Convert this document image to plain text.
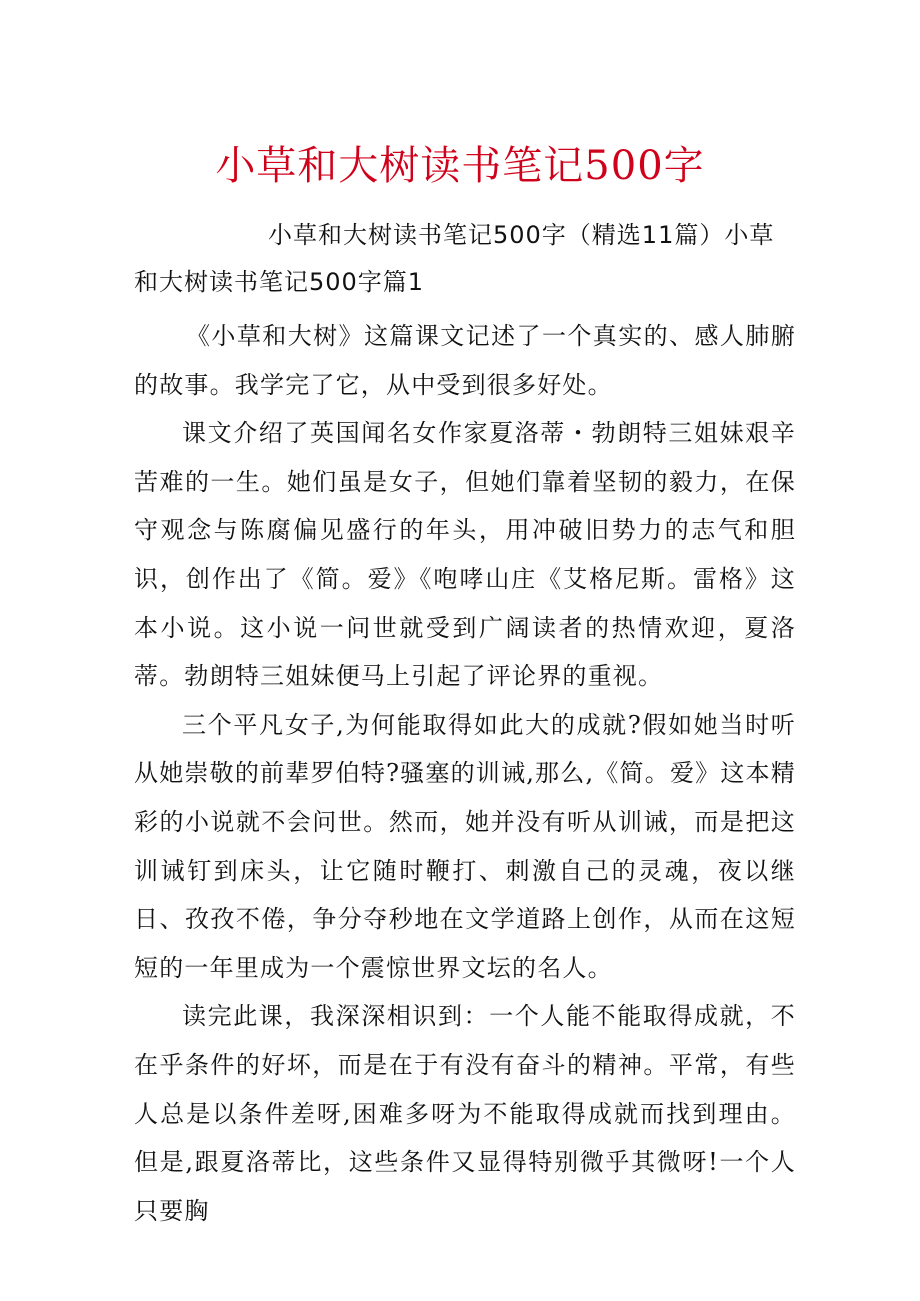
小草和大树读书笔记500字

小草和大树读书笔记500字（精选11篇）小草和大树读书笔记500字篇1

《小草和大树》这篇课文记述了一个真实的、感人肺腑的故事。我学完了它，从中受到很多好处。

课文介绍了英国闻名女作家夏洛蒂・勃朗特三姐妹艰辛苦难的一生。她们虽是女子，但她们靠着坚韧的毅力，在保守观念与陈腐偏见盛行的年头，用冲破旧势力的志气和胆识，创作出了《简。爱》《咆哮山庄《艾格尼斯。雷格》这本小说。这小说一问世就受到广阔读者的热情欢迎，夏洛蒂。勃朗特三姐妹便马上引起了评论界的重视。

三个平凡女子,为何能取得如此大的成就?假如她当时听从她崇敬的前辈罗伯特?骚塞的训诫,那么,《简。爱》这本精彩的小说就不会问世。然而，她并没有听从训诫，而是把这训诫钉到床头，让它随时鞭打、刺激自己的灵魂，夜以继日、孜孜不倦，争分夺秒地在文学道路上创作，从而在这短短的一年里成为一个震惊世界文坛的名人。

读完此课，我深深相识到：一个人能不能取得成就，不在乎条件的好坏，而是在于有没有奋斗的精神。平常，有些人总是以条件差呀,困难多呀为不能取得成就而找到理由。但是,跟夏洛蒂比，这些条件又显得特别微乎其微呀!一个人只要胸
